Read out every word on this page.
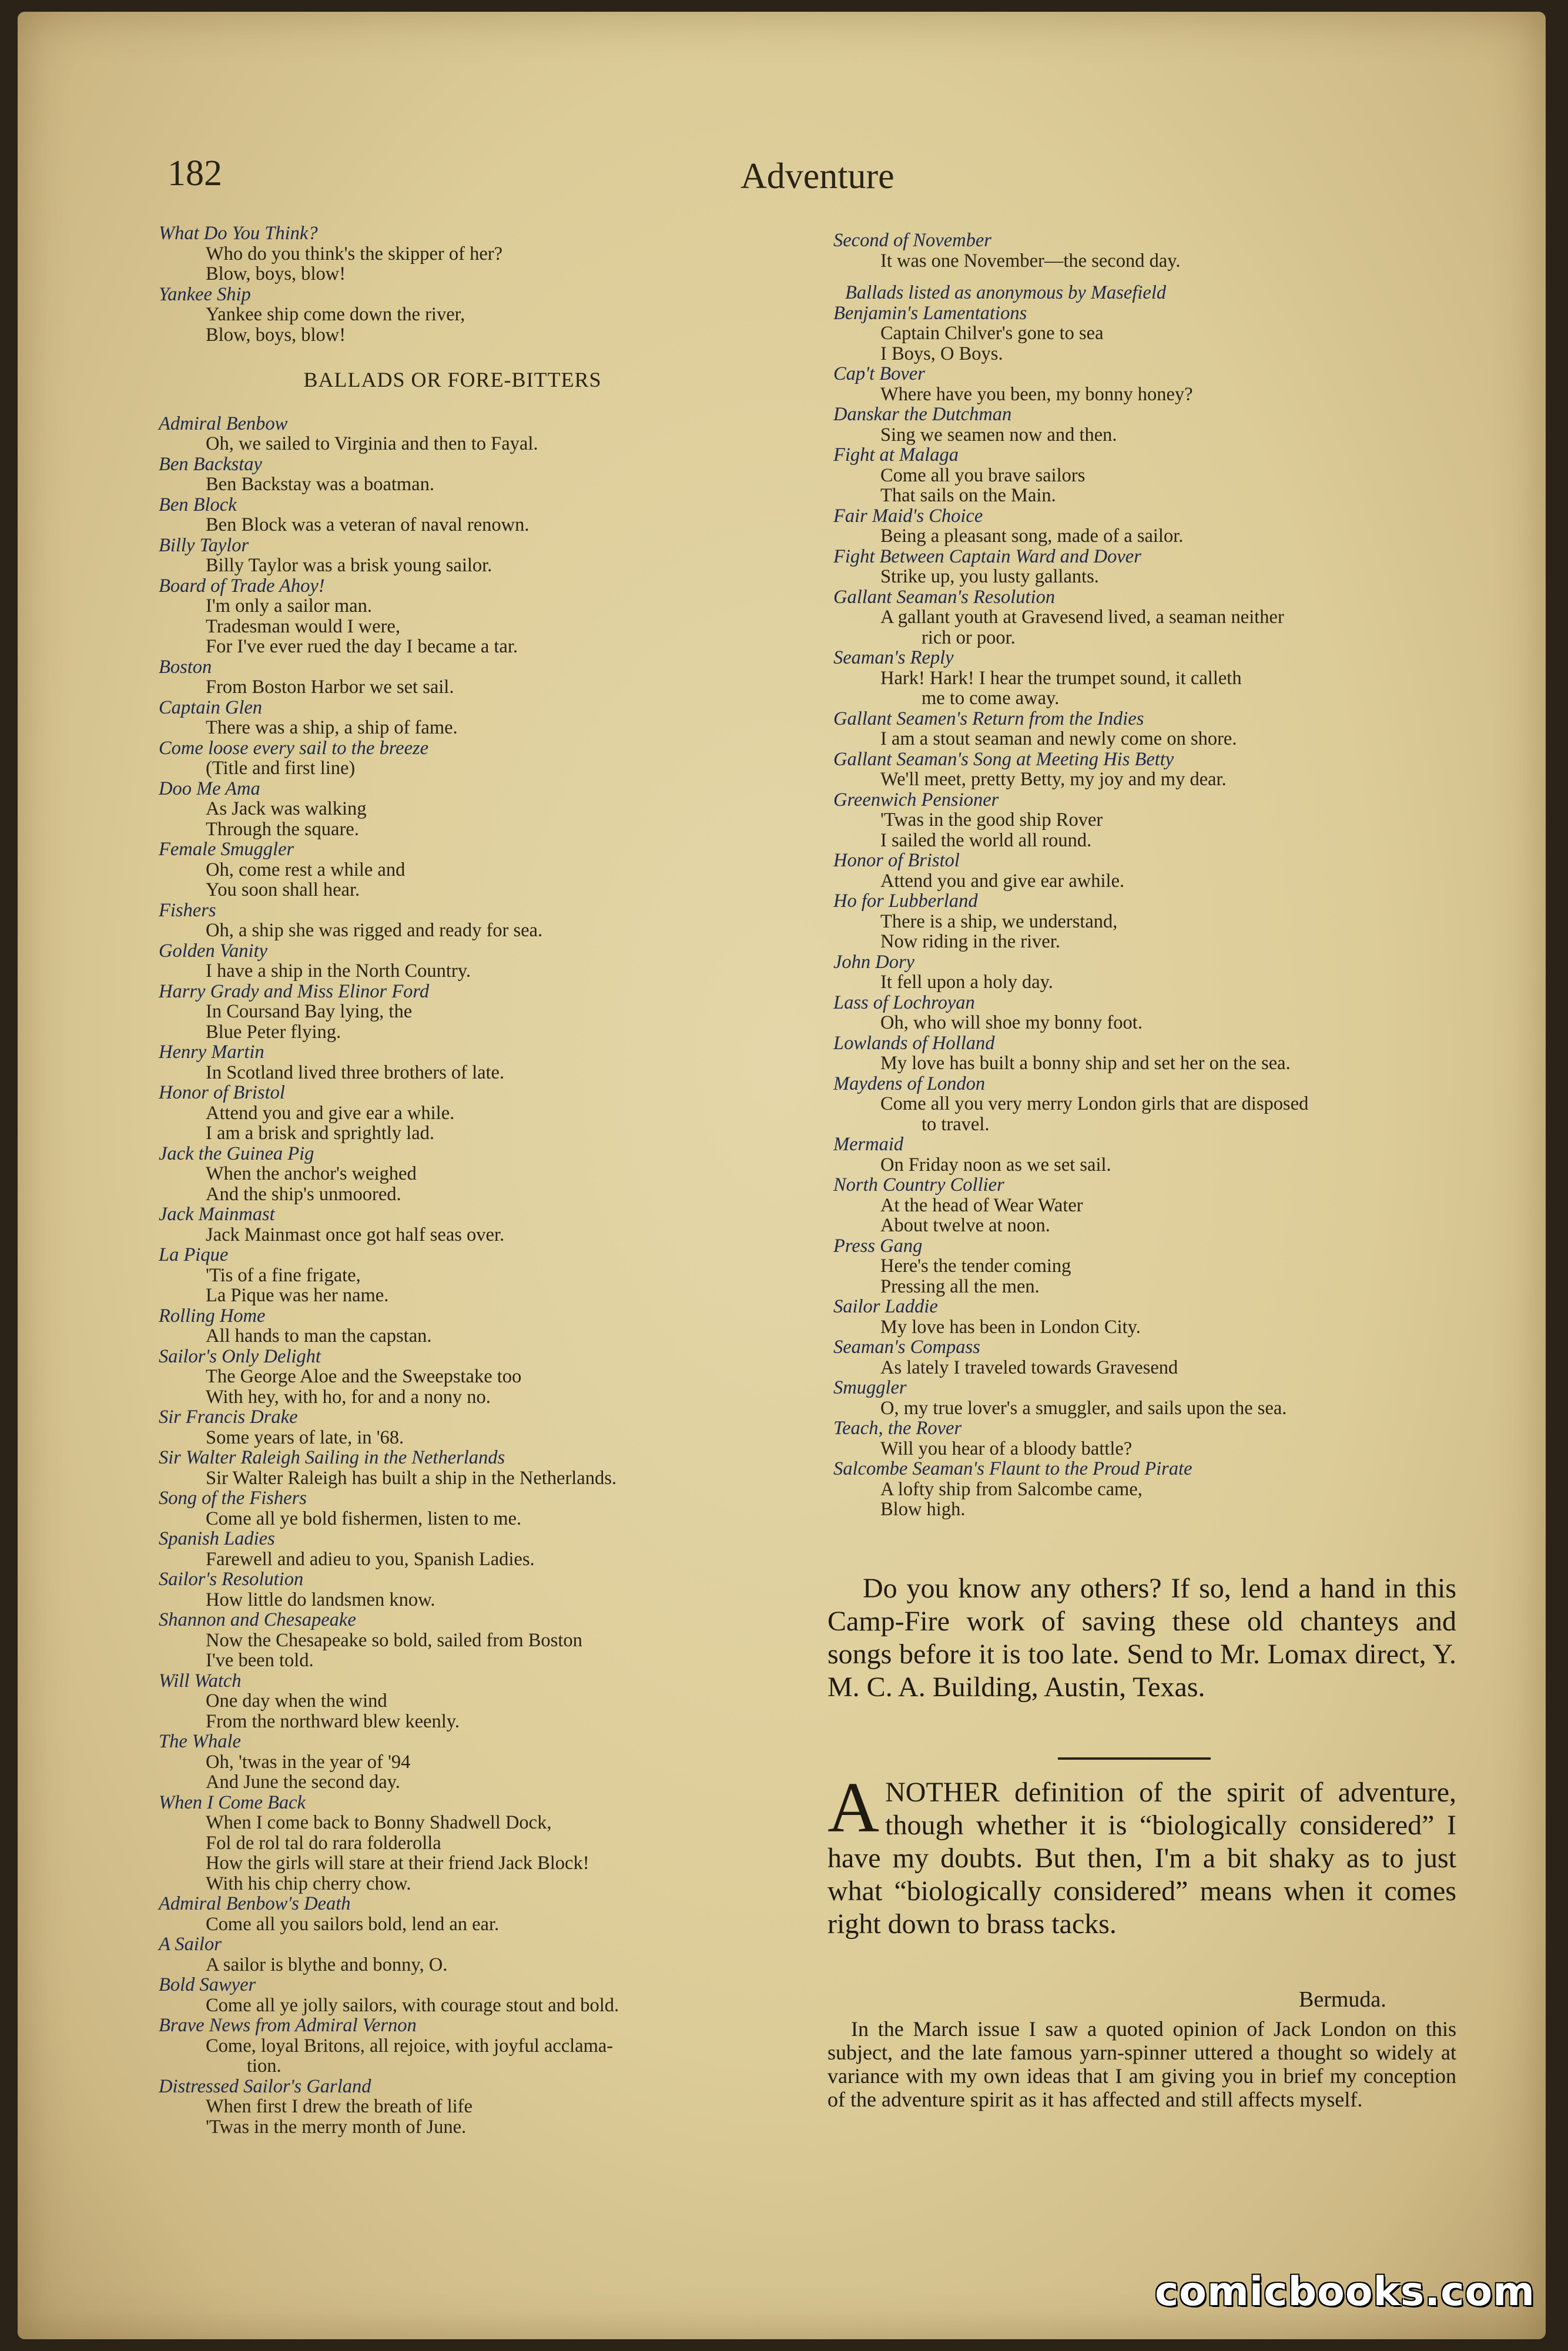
182	Adventure
What Do You Think?
Who do you think's the skipper of her?
Blow, boys, blow!
Yankee Ship
Yankee ship come down the river,
Blow, boys, blow!
BALLADS OR FORE-BITTERS
Admiral Benbow
Oh, we sailed to Virginia and then to Fayal.
Ben Backstay
Ben Backstay was a boatman.
Ben Block
Ben Block was a veteran of naval renown.
Billy Taylor
Billy Taylor was a brisk young sailor.
Board of Trade Ahoy!
I'm only a sailor man.
Tradesman would I were,
For I've ever rued the day I became a tar.
Boston
From Boston Harbor we set sail.
Captain Glen
There was a ship, a ship of fame.
Come loose every sail to the breeze
(Title and first line)
Doo Me Ama
As Jack was walking
Through the square.
Female Smuggler
Oh, come rest a while and
You soon shall hear.
Fishers
Oh, a ship she was rigged and ready for sea.
Golden Vanity
I have a ship in the North Country.
Harry Grady and Miss Elinor Ford
In Coursand Bay lying, the
Blue Peter flying.
Henry Martin
In Scotland lived three brothers of late.
Honor of Bristol
Attend you and give ear a while.
I am a brisk and sprightly lad.
Jack the Guinea Pig
When the anchor's weighed
And the ship's unmoored.
Jack Mainmast
Jack Mainmast once got half seas over.
La Pique
'Tis of a fine frigate,
La Pique was her name.
Rolling Home
All hands to man the capstan.
Sailor's Only Delight
The George Aloe and the Sweepstake too
With hey, with ho, for and a nony no.
Sir Francis Drake
Some years of late, in '68.
Sir Walter Raleigh Sailing in the Netherlands
Sir Walter Raleigh has built a ship in the Netherlands.
Song of the Fishers
Come all ye bold fishermen, listen to me.
Spanish Ladies
Farewell and adieu to you, Spanish Ladies.
Sailor's Resolution
How little do landsmen know.
Shannon and Chesapeake
Now the Chesapeake so bold, sailed from Boston
I've been told.
Will Watch
One day when the wind
From the northward blew keenly.
The Whale
Oh, 'twas in the year of '94
And June the second day.
When I Come Back
When I come back to Bonny Shadwell Dock,
Fol de rol tal do rara folderolla
How the girls will stare at their friend Jack Block!
With his chip cherry chow.
Admiral Benbow's Death
Come all you sailors bold, lend an ear.
A Sailor
A sailor is blythe and bonny, O.
Bold Sawyer
Come all ye jolly sailors, with courage stout and bold.
Brave News from Admiral Vernon
Come, loyal Britons, all rejoice, with joyful acclama-
tion.
Distressed Sailor's Garland
When first I drew the breath of life
'Twas in the merry month of June.
Second of November
It was one November—the second day.
Ballads listed as anonymous by Masefield
Benjamin's Lamentations
Captain Chilver's gone to sea
I Boys, O Boys.
Cap't Bover
Where have you been, my bonny honey?
Danskar the Dutchman
Sing we seamen now and then.
Fight at Malaga
Come all you brave sailors
That sails on the Main.
Fair Maid's Choice
Being a pleasant song, made of a sailor.
Fight Between Captain Ward and Dover
Strike up, you lusty gallants.
Gallant Seaman's Resolution
A gallant youth at Gravesend lived, a seaman neither
rich or poor.
Seaman's Reply
Hark! Hark! I hear the trumpet sound, it calleth
me to come away.
Gallant Seamen's Return from the Indies
I am a stout seaman and newly come on shore.
Gallant Seaman's Song at Meeting His Betty
We'll meet, pretty Betty, my joy and my dear.
Greenwich Pensioner
'Twas in the good ship Rover
I sailed the world all round.
Honor of Bristol
Attend you and give ear awhile.
Ho for Lubberland
There is a ship, we understand,
Now riding in the river.
John Dory
It fell upon a holy day.
Lass of Lochroyan
Oh, who will shoe my bonny foot.
Lowlands of Holland
My love has built a bonny ship and set her on the sea.
Maydens of London
Come all you very merry London girls that are disposed
to travel.
Mermaid
On Friday noon as we set sail.
North Country Collier
At the head of Wear Water
About twelve at noon.
Press Gang
Here's the tender coming
Pressing all the men.
Sailor Laddie
My love has been in London City.
Seaman's Compass
As lately I traveled towards Gravesend
Smuggler
O, my true lover's a smuggler, and sails upon the sea.
Teach, the Rover
Will you hear of a bloody battle?
Salcombe Seaman's Flaunt to the Proud Pirate
A lofty ship from Salcombe came,
Blow high.
Do you know any others? If so, lend a hand in this Camp-Fire work of saving these old chanteys and songs before it is too late. Send to Mr. Lomax direct, Y. M. C. A. Building, Austin, Texas.
ANOTHER definition of the spirit of adventure, though whether it is “biologically considered” I have my doubts. But then, I'm a bit shaky as to just what “biologically considered” means when it comes right down to brass tacks.
Bermuda.
In the March issue I saw a quoted opinion of Jack London on this subject, and the late famous yarn-spinner uttered a thought so widely at variance with my own ideas that I am giving you in brief my conception of the adventure spirit as it has affected and still affects myself.
comicbooks.com
